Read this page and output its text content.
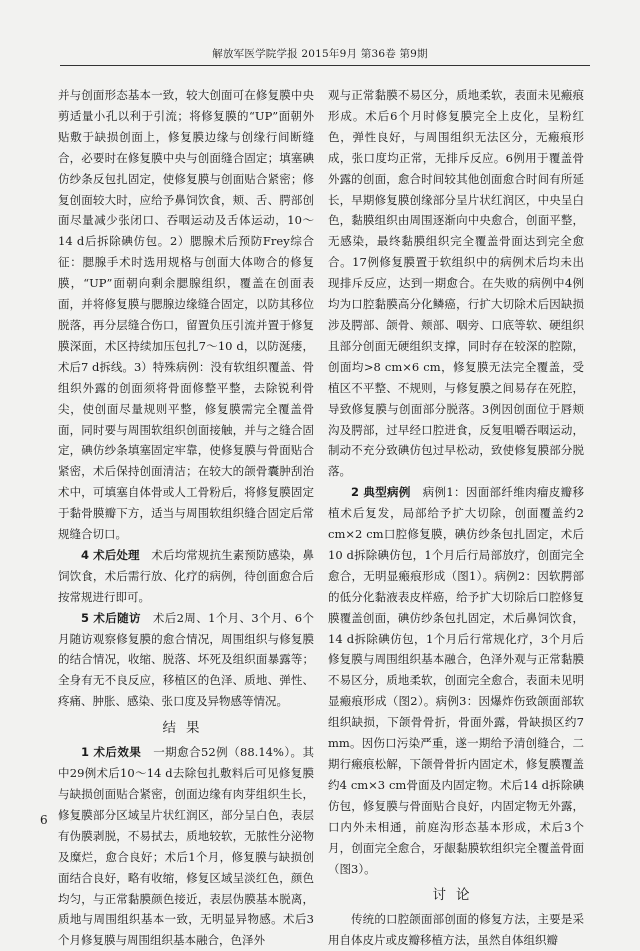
解放军医学院学报 2015年9月 第36卷 第9期

并与创面形态基本一致，较大创面可在修复膜中央剪适量小孔以利于引流；将修复膜的“UP”面朝外贴敷于缺损创面上，修复膜边缘与创缘行间断缝合，必要时在修复膜中央与创面缝合固定；填塞碘仿纱条反包扎固定，使修复膜与创面贴合紧密；修复创面较大时，应给予鼻饲饮食，颊、舌、腭部创面尽量减少张闭口、吞咽运动及舌体运动，10～14 d后拆除碘仿包。2）腮腺术后预防Frey综合征：腮腺手术时选用规格与创面大体吻合的修复膜，“UP”面朝向剩余腮腺组织，覆盖在创面表面，并将修复膜与腮腺边缘缝合固定，以防其移位脱落，再分层缝合伤口，留置负压引流并置于修复膜深面，术区持续加压包扎7～10 d，以防涎瘘，术后7 d拆线。3）特殊病例：没有软组织覆盖、骨组织外露的创面须将骨面修整平整，去除锐利骨尖，使创面尽量规则平整，修复膜需完全覆盖骨面，同时要与周围软组织创面接触，并与之缝合固定，碘仿纱条填塞固定牢靠，使修复膜与骨面贴合紧密，术后保持创面清洁；在较大的颌骨囊肿刮治术中，可填塞自体骨或人工骨粉后，将修复膜固定于黏骨膜瓣下方，适当与周围软组织缝合固定后常规缝合切口。

4 术后处理　 术后均常规抗生素预防感染，鼻饲饮食，术后需行放、化疗的病例，待创面愈合后按常规进行即可。

5 术后随访　 术后2周、1个月、3个月、6个月随访观察修复膜的愈合情况，周围组织与修复膜的结合情况，收缩、脱落、坏死及组织面暴露等；全身有无不良反应，移植区的色泽、质地、弹性、疼痛、肿胀、感染、张口度及异物感等情况。

结果

1 术后效果　 一期愈合52例（88.14%）。其中29例术后10～14 d去除包扎敷料后可见修复膜与缺损创面贴合紧密，创面边缘有肉芽组织生长，修复膜部分区域呈片状红润区，部分呈白色，表层有伪膜剥脱，不易拭去，质地较软，无脓性分泌物及糜烂，愈合良好；术后1个月，修复膜与缺损创面结合良好，略有收缩，修复区域呈淡红色，颜色均匀，与正常黏膜颜色接近，表层伪膜基本脱离，质地与周围组织基本一致，无明显异物感。术后3个月修复膜与周围组织基本融合，色泽外

观与正常黏膜不易区分，质地柔软，表面未见瘢痕形成。术后6个月时修复膜完全上皮化，呈粉红色，弹性良好，与周围组织无法区分，无瘢痕形成，张口度均正常，无排斥反应。6例用于覆盖骨外露的创面，愈合时间较其他创面愈合时间有所延长，早期修复膜创缘部分呈片状红润区，中央呈白色，黏膜组织由周围逐渐向中央愈合，创面平整，无感染，最终黏膜组织完全覆盖骨面达到完全愈合。17例修复膜置于软组织中的病例术后均未出现排斥反应，达到一期愈合。在失败的病例中4例均为口腔黏膜高分化鳞癌，行扩大切除术后因缺损涉及腭部、颌骨、颊部、咽旁、口底等软、硬组织且部分创面无硬组织支撑，同时存在较深的腔隙，创面均>8 cm×6 cm，修复膜无法完全覆盖，受植区不平整、不规则，与修复膜之间易存在死腔，导致修复膜与创面部分脱落。3例因创面位于唇颊沟及腭部，过早经口腔进食，反复咀嚼吞咽运动，制动不充分致碘仿包过早松动，致使修复膜部分脱落。

2 典型病例　 病例1：因面部纤维肉瘤皮瓣移植术后复发，局部给予扩大切除，创面覆盖约2 cm×2 cm口腔修复膜，碘仿纱条包扎固定，术后10 d拆除碘仿包，1个月后行局部放疗，创面完全愈合，无明显瘢痕形成（图1）。病例2：因软腭部的低分化黏液表皮样癌，给予扩大切除后口腔修复膜覆盖创面，碘仿纱条包扎固定，术后鼻饲饮食，14 d拆除碘仿包，1个月后行常规化疗，3个月后修复膜与周围组织基本融合，色泽外观与正常黏膜不易区分，质地柔软，创面完全愈合，表面未见明显瘢痕形成（图2）。病例3：因爆炸伤致颌面部软组织缺损，下颌骨骨折，骨面外露，骨缺损区约7 mm。因伤口污染严重，遂一期给予清创缝合，二期行瘢痕松解，下颌骨骨折内固定术，修复膜覆盖约4 cm×3 cm骨面及内固定物。术后14 d拆除碘仿包，修复膜与骨面贴合良好，内固定物无外露，口内外未相通，前庭沟形态基本形成，术后3个月，创面完全愈合，牙龈黏膜软组织完全覆盖骨面（图3）。

讨论

传统的口腔颌面部创面的修复方法，主要是采用自体皮片或皮瓣移植方法，虽然自体组织瓣

6
